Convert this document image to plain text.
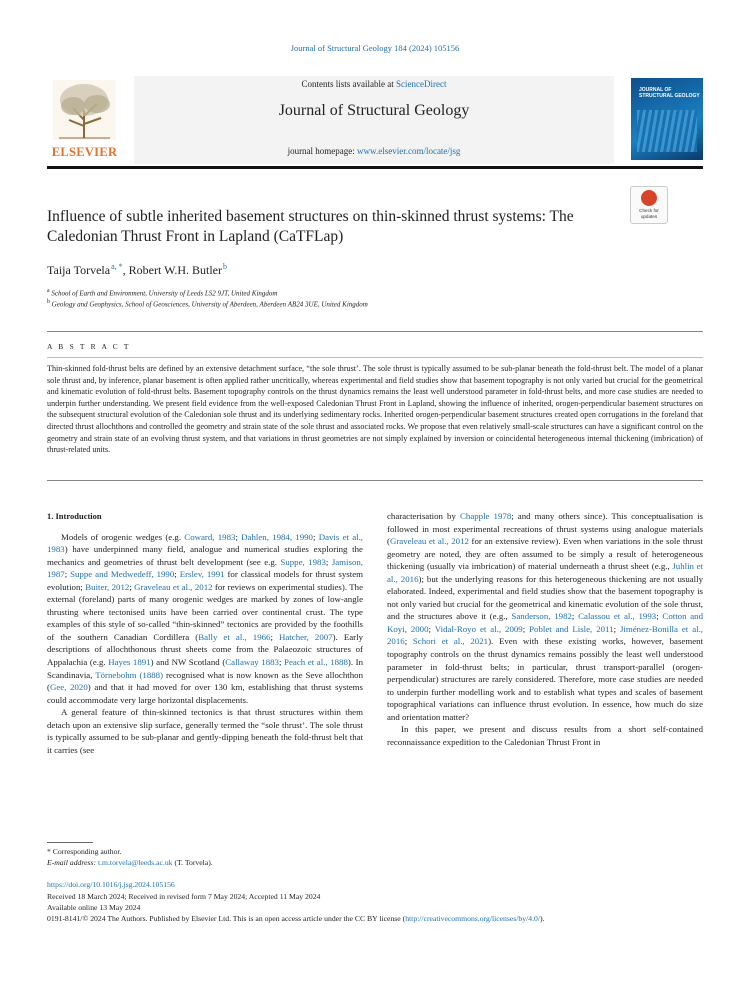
Journal of Structural Geology 184 (2024) 105156
ELSEVIER
Contents lists available at ScienceDirect
Journal of Structural Geology
journal homepage: www.elsevier.com/locate/jsg
JOURNAL OF STRUCTURAL GEOLOGY
Influence of subtle inherited basement structures on thin-skinned thrust systems: The Caledonian Thrust Front in Lapland (CaTFLap)
Check for updates
Taija Torvela $^{a, *}$, Robert W.H. Butler $^b$
$^a$ School of Earth and Environment, University of Leeds LS2 9JT, United Kingdom
$^b$ Geology and Geophysics, School of Geosciences, University of Aberdeen, Aberdeen AB24 3UE, United Kingdom
A B S T R A C T
Thin-skinned fold-thrust belts are defined by an extensive detachment surface, “the sole thrust’. The sole thrust is typically assumed to be sub-planar beneath the fold-thrust belt. The model of a planar sole thrust and, by inference, planar basement is often applied rather uncritically, whereas experimental and field studies show that basement topography is not only varied but crucial for the geometrical and kinematic evolution of fold-thrust belts. Basement topography controls on the thrust dynamics remains the least well understood parameter in fold-thrust belts, and more case studies are needed to underpin further understanding. We present field evidence from the well-exposed Caledonian Thrust Front in Lapland, showing the influence of inherited, orogen-perpendicular basement structures on the subsequent structural evolution of the Caledonian sole thrust and its underlying sedimentary rocks. Inherited orogen-perpendicular basement structures created open corrugations in the foreland that directed thrust allochthons and controlled the geometry and strain state of the sole thrust and associated rocks. We propose that even relatively small-scale structures can have a significant control on the geometry and strain state of an evolving thrust system, and that variations in thrust geometries are not simply explained by inversion or coincidental heterogeneous internal thickening (imbrication) of thrust-related units.

1. Introduction

Models of orogenic wedges (e.g. Coward, 1983; Dahlen, 1984, 1990; Davis et al., 1983) have underpinned many field, analogue and numerical studies exploring the mechanics and geometries of thrust belt development (see e.g. Suppe, 1983; Jamison, 1987; Suppe and Medwedeff, 1990; Erslev, 1991 for classical models for thrust system evolution; Buiter, 2012; Graveleau et al., 2012 for reviews on experimental studies). The external (foreland) parts of many orogenic wedges are marked by zones of low-angle thrusting where tectonised units have been carried over continental crust. The type examples of this style of so-called “thin-skinned” tectonics are provided by the foothills of the southern Canadian Cordillera (Bally et al., 1966; Hatcher, 2007). Early descriptions of allochthonous thrust sheets come from the Palaeozoic structures of Appalachia (e.g. Hayes 1891) and NW Scotland (Callaway 1883; Peach et al., 1888). In Scandinavia, Törnebohm (1888) recognised what is now known as the Seve allochthon (Gee, 2020) and that it had moved for over 130 km, establishing that thrust systems could accommodate very large horizontal displacements.

A general feature of thin-skinned tectonics is that thrust structures within them detach upon an extensive slip surface, generally termed the “sole thrust’. The sole thrust is typically assumed to be sub-planar and gently-dipping beneath the fold-thrust belt that it carries (see

characterisation by Chapple 1978; and many others since). This conceptualisation is followed in most experimental recreations of thrust systems using analogue materials (Graveleau et al., 2012 for an extensive review). Even when variations in the sole thrust geometry are noted, they are often assumed to be simply a result of heterogeneous thickening (usually via imbrication) of material underneath a thrust sheet (e.g., Juhlin et al., 2016); but the underlying reasons for this heterogeneous thickening are not usually elaborated. Indeed, experimental and field studies show that the basement topography is not only varied but crucial for the geometrical and kinematic evolution of the sole thrust, and the structures above it (e.g., Sanderson, 1982; Calassou et al., 1993; Cotton and Koyi, 2000; Vidal-Royo et al., 2009; Poblet and Lisle, 2011; Jiménez-Bonilla et al., 2016; Schori et al., 2021). Even with these existing works, however, basement topography controls on the thrust dynamics remains possibly the least well understood parameter in fold-thrust belts; in particular, thrust transport-parallel (orogen-perpendicular) structures are rarely considered. Therefore, more case studies are needed to underpin further modelling work and to establish what types and scales of basement topographical variations can influence thrust evolution. In essence, how much do size and orientation matter?

In this paper, we present and discuss results from a short self-contained reconnaissance expedition to the Caledonian Thrust Front in

* Corresponding author.
E-mail address: t.m.torvela@leeds.ac.uk (T. Torvela).
https://doi.org/10.1016/j.jsg.2024.105156
Received 18 March 2024; Received in revised form 7 May 2024; Accepted 11 May 2024
Available online 13 May 2024
0191-8141/© 2024 The Authors. Published by Elsevier Ltd. This is an open access article under the CC BY license (http://creativecommons.org/licenses/by/4.0/).
